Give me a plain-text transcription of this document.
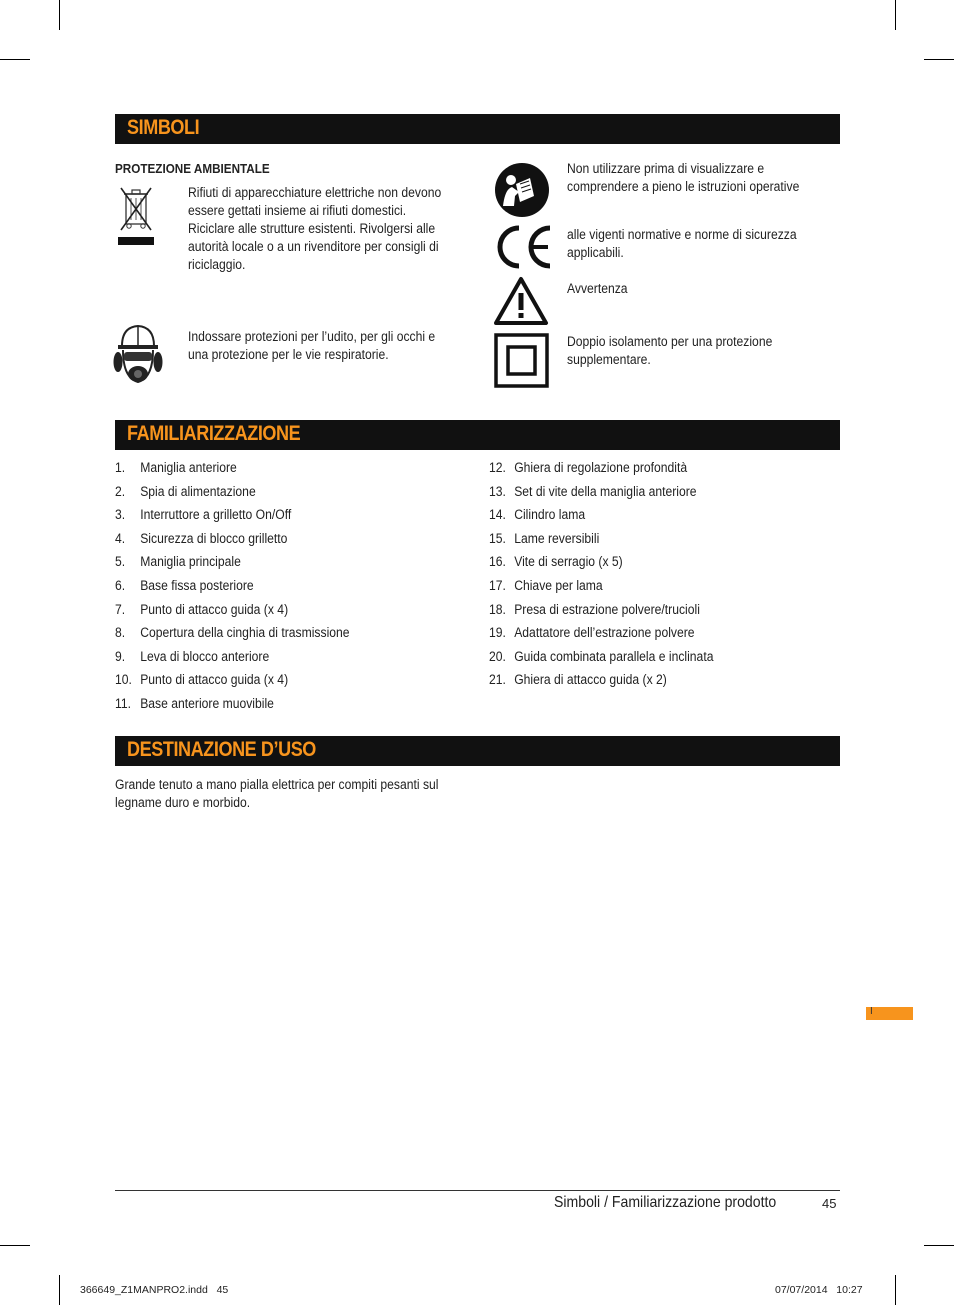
SIMBOLI
PROTEZIONE AMBIENTALE
Rifiuti di apparecchiature elettriche non devono essere gettati insieme ai rifiuti domestici. Riciclare alle strutture esistenti. Rivolgersi alle autorità locale o a un rivenditore per consigli di riciclaggio.
Indossare protezioni per l’udito, per gli occhi e una protezione per le vie respiratorie.
Non utilizzare prima di visualizzare e comprendere a pieno le istruzioni operative
alle vigenti normative e norme di sicurezza applicabili.
Avvertenza
Doppio isolamento per una protezione supplementare.
FAMILIARIZZAZIONE
1.	Maniglia anteriore
2.	Spia di alimentazione
3.	Interruttore a grilletto On/Off
4.	Sicurezza di blocco grilletto
5.	Maniglia principale
6.	Base fissa posteriore
7.	Punto di attacco guida (x 4)
8.	Copertura della cinghia di trasmissione
9.	Leva di blocco anteriore
10. Punto di attacco guida (x 4)
11. Base anteriore muovibile
12. Ghiera di regolazione profondità
13. Set di vite della maniglia anteriore
14. Cilindro lama
15. Lame reversibili
16. Vite di serragio (x 5)
17. Chiave per lama
18. Presa di estrazione polvere/trucioli
19. Adattatore dell’estrazione polvere
20. Guida combinata parallela e inclinata
21. Ghiera di attacco guida (x 2)
DESTINAZIONE D’USO
Grande tenuto a mano pialla elettrica per compiti pesanti sul legname duro e morbido.
I
Simboli / Familiarizzazione prodotto	45
366649_Z1MANPRO2.indd   45	07/07/2014   10:27
